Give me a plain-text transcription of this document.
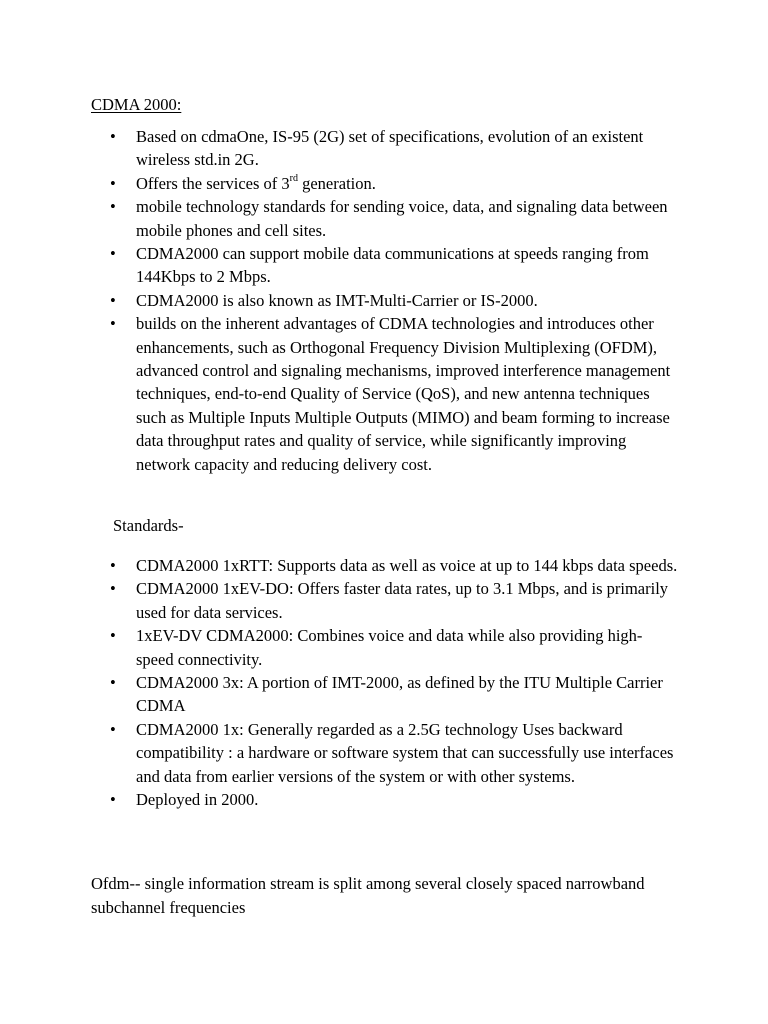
CDMA 2000:
• Based on cdmaOne, IS-95 (2G) set of specifications, evolution of an existent wireless std.in 2G.
• Offers the services of 3rd generation.
• mobile technology standards for sending voice, data, and signaling data between mobile phones and cell sites.
• CDMA2000 can support mobile data communications at speeds ranging from 144Kbps to 2 Mbps.
• CDMA2000 is also known as IMT-Multi-Carrier or IS-2000.
• builds on the inherent advantages of CDMA technologies and introduces other enhancements, such as Orthogonal Frequency Division Multiplexing (OFDM), advanced control and signaling mechanisms, improved interference management techniques, end-to-end Quality of Service (QoS), and new antenna techniques such as Multiple Inputs Multiple Outputs (MIMO) and beam forming to increase data throughput rates and quality of service, while significantly improving network capacity and reducing delivery cost.

Standards-

• CDMA2000 1xRTT: Supports data as well as voice at up to 144 kbps data speeds.
• CDMA2000 1xEV-DO: Offers faster data rates, up to 3.1 Mbps, and is primarily used for data services.
• 1xEV-DV CDMA2000: Combines voice and data while also providing high-speed connectivity.
• CDMA2000 3x: A portion of IMT-2000, as defined by the ITU Multiple Carrier CDMA
• CDMA2000 1x: Generally regarded as a 2.5G technology Uses backward compatibility : a hardware or software system that can successfully use interfaces and data from earlier versions of the system or with other systems.
• Deployed in 2000.

Ofdm-- single information stream is split among several closely spaced narrowband subchannel frequencies
